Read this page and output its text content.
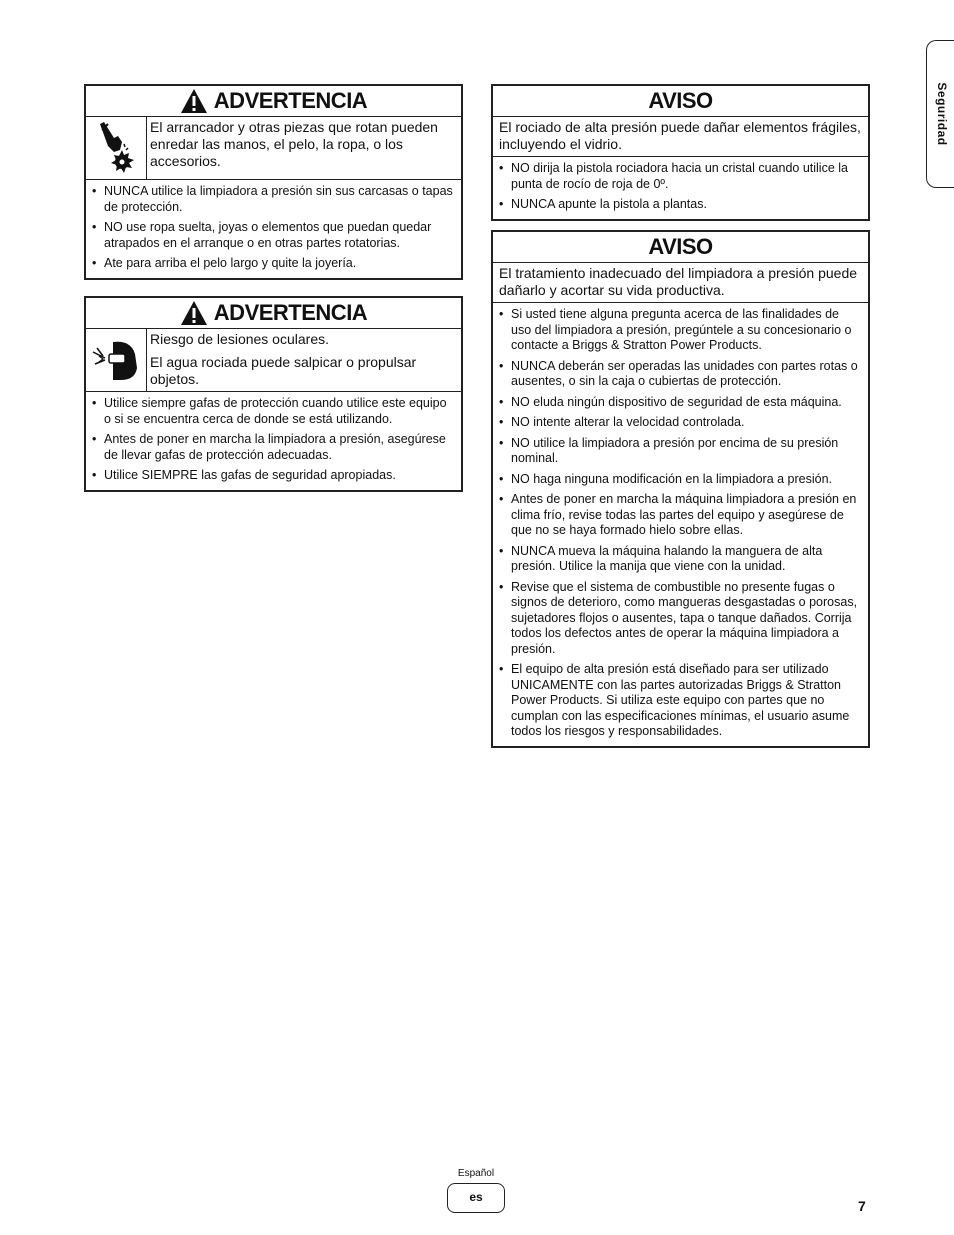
Seguridad
ADVERTENCIA

El arrancador y otras piezas que rotan pueden enredar las manos, el pelo, la ropa, o los accesorios.

• NUNCA utilice la limpiadora a presión sin sus carcasas o tapas de protección.
• NO use ropa suelta, joyas o elementos que puedan quedar atrapados en el arranque o en otras partes rotatorias.
• Ate para arriba el pelo largo y quite la joyería.
ADVERTENCIA

Riesgo de lesiones oculares.

El agua rociada puede salpicar o propulsar objetos.

• Utilice siempre gafas de protección cuando utilice este equipo o si se encuentra cerca de donde se está utilizando.
• Antes de poner en marcha la limpiadora a presión, asegúrese de llevar gafas de protección adecuadas.
• Utilice SIEMPRE las gafas de seguridad apropiadas.
AVISO
El rociado de alta presión puede dañar elementos frágiles, incluyendo el vidrio.
• NO dirija la pistola rociadora hacia un cristal cuando utilice la punta de rocío de roja de 0º.
• NUNCA apunte la pistola a plantas.
AVISO
El tratamiento inadecuado del limpiadora a presión puede dañarlo y acortar su vida productiva.
• Si usted tiene alguna pregunta acerca de las finalidades de uso del limpiadora a presión, pregúntele a su concesionario o contacte a Briggs & Stratton Power Products.
• NUNCA deberán ser operadas las unidades con partes rotas o ausentes, o sin la caja o cubiertas de protección.
• NO eluda ningún dispositivo de seguridad de esta máquina.
• NO intente alterar la velocidad controlada.
• NO utilice la limpiadora a presión por encima de su presión nominal.
• NO haga ninguna modificación en la limpiadora a presión.
• Antes de poner en marcha la máquina limpiadora a presión en clima frío, revise todas las partes del equipo y asegúrese de que no se haya formado hielo sobre ellas.
• NUNCA mueva la máquina halando la manguera de alta presión. Utilice la manija que viene con la unidad.
• Revise que el sistema de combustible no presente fugas o signos de deterioro, como mangueras desgastadas o porosas, sujetadores flojos o ausentes, tapa o tanque dañados. Corrija todos los defectos antes de operar la máquina limpiadora a presión.
• El equipo de alta presión está diseñado para ser utilizado UNICAMENTE con las partes autorizadas Briggs & Stratton Power Products. Si utiliza este equipo con partes que no cumplan con las especificaciones mínimas, el usuario asume todos los riesgos y responsabilidades.
Español
es
7
